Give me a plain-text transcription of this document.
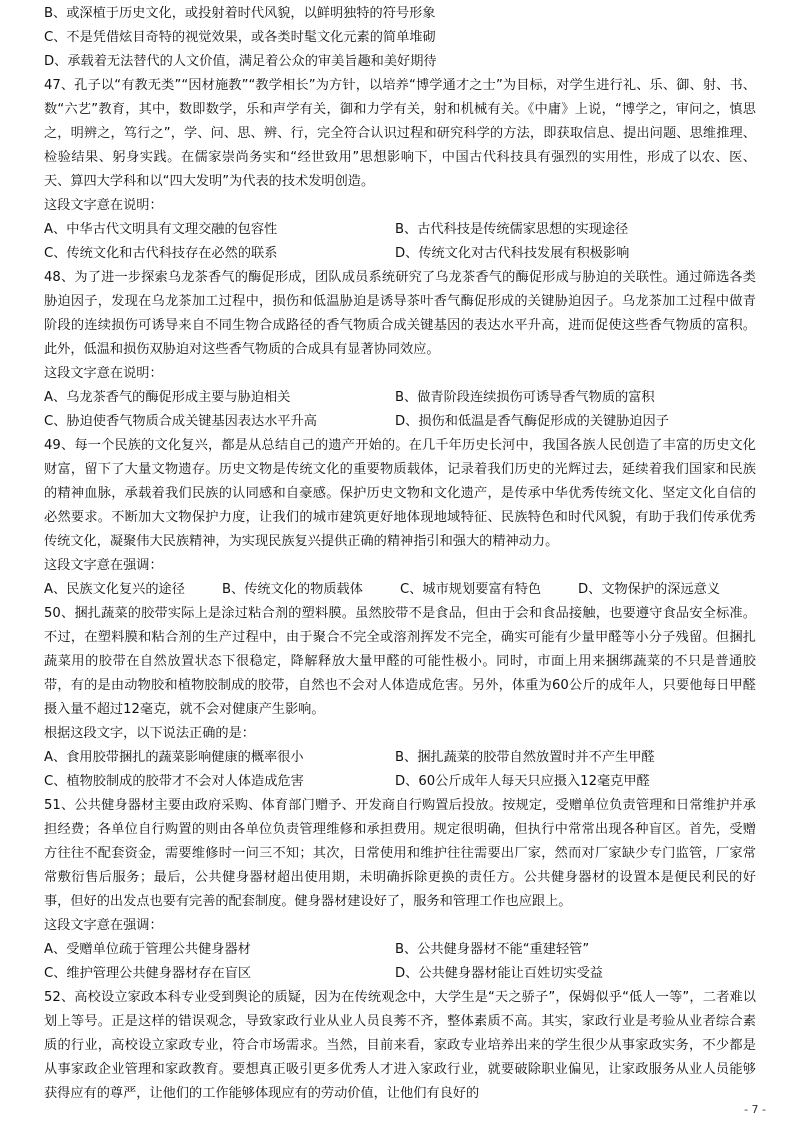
B、或深植于历史文化，或投射着时代风貌，以鲜明独特的符号形象

C、不是凭借炫目奇特的视觉效果，或各类时髦文化元素的简单堆砌

D、承载着无法替代的人文价值，满足着公众的审美旨趣和美好期待

47、孔子以“有教无类”“因材施教”“教学相长”为方针，以培养“博学通才之士”为目标，对学生进行礼、乐、御、射、书、数“六艺”教育，其中，数即数学，乐和声学有关，御和力学有关，射和机械有关。《中庸》上说，“博学之，审问之，慎思之，明辨之，笃行之”，学、问、思、辨、行，完全符合认识过程和研究科学的方法，即获取信息、提出问题、思维推理、检验结果、躬身实践。在儒家崇尚务实和“经世致用”思想影响下，中国古代科技具有强烈的实用性，形成了以农、医、天、算四大学科和以“四大发明”为代表的技术发明创造。

这段文字意在说明：

A、中华古代文明具有文理交融的包容性	B、古代科技是传统儒家思想的实现途径

C、传统文化和古代科技存在必然的联系	D、传统文化对古代科技发展有积极影响

48、为了进一步探索乌龙茶香气的酶促形成，团队成员系统研究了乌龙茶香气的酶促形成与胁迫的关联性。通过筛选各类胁迫因子，发现在乌龙茶加工过程中，损伤和低温胁迫是诱导茶叶香气酶促形成的关键胁迫因子。乌龙茶加工过程中做青阶段的连续损伤可诱导来自不同生物合成路径的香气物质合成关键基因的表达水平升高，进而促使这些香气物质的富积。此外，低温和损伤双胁迫对这些香气物质的合成具有显著协同效应。

这段文字意在说明：

A、乌龙茶香气的酶促形成主要与胁迫相关	B、做青阶段连续损伤可诱导香气物质的富积

C、胁迫使香气物质合成关键基因表达水平升高	D、损伤和低温是香气酶促形成的关键胁迫因子

49、每一个民族的文化复兴，都是从总结自己的遗产开始的。在几千年历史长河中，我国各族人民创造了丰富的历史文化财富，留下了大量文物遗存。历史文物是传统文化的重要物质载体，记录着我们历史的光辉过去，延续着我们国家和民族的精神血脉，承载着我们民族的认同感和自豪感。保护历史文物和文化遗产，是传承中华优秀传统文化、坚定文化自信的必然要求。不断加大文物保护力度，让我们的城市建筑更好地体现地域特征、民族特色和时代风貌，有助于我们传承优秀传统文化，凝聚伟大民族精神，为实现民族复兴提供正确的精神指引和强大的精神动力。

这段文字意在强调：

A、民族文化复兴的途径	B、传统文化的物质载体	C、城市规划要富有特色	D、文物保护的深远意义

50、捆扎蔬菜的胶带实际上是涂过粘合剂的塑料膜。虽然胶带不是食品，但由于会和食品接触，也要遵守食品安全标准。不过，在塑料膜和粘合剂的生产过程中，由于聚合不完全或溶剂挥发不完全，确实可能有少量甲醛等小分子残留。但捆扎蔬菜用的胶带在自然放置状态下很稳定，降解释放大量甲醛的可能性极小。同时，市面上用来捆绑蔬菜的不只是普通胶带，有的是由动物胶和植物胶制成的胶带，自然也不会对人体造成危害。另外，体重为60公斤的成年人，只要他每日甲醛摄入量不超过12毫克，就不会对健康产生影响。

根据这段文字，以下说法正确的是：

A、食用胶带捆扎的蔬菜影响健康的概率很小	B、捆扎蔬菜的胶带自然放置时并不产生甲醛

C、植物胶制成的胶带才不会对人体造成危害	D、60公斤成年人每天只应摄入12毫克甲醛

51、公共健身器材主要由政府采购、体育部门赠予、开发商自行购置后投放。按规定，受赠单位负责管理和日常维护并承担经费；各单位自行购置的则由各单位负责管理维修和承担费用。规定很明确，但执行中常常出现各种盲区。首先，受赠方往往不配套资金，需要维修时一问三不知；其次，日常使用和维护往往需要出厂家，然而对厂家缺少专门监管，厂家常常敷衍售后服务；最后，公共健身器材超出使用期，未明确拆除更换的责任方。公共健身器材的设置本是便民利民的好事，但好的出发点也要有完善的配套制度。健身器材建设好了，服务和管理工作也应跟上。

这段文字意在强调：

A、受赠单位疏于管理公共健身器材	B、公共健身器材不能“重建轻管”

C、维护管理公共健身器材存在盲区	D、公共健身器材能让百姓切实受益

52、高校设立家政本科专业受到舆论的质疑，因为在传统观念中，大学生是“天之骄子”，保姆似乎“低人一等”，二者难以划上等号。正是这样的错误观念，导致家政行业从业人员良莠不齐，整体素质不高。其实，家政行业是考验从业者综合素质的行业，高校设立家政专业，符合市场需求。当然，目前来看，家政专业培养出来的学生很少从事家政实务，不少都是从事家政企业管理和家政教育。要想真正吸引更多优秀人才进入家政行业，就要破除职业偏见，让家政服务从业人员能够获得应有的尊严，让他们的工作能够体现应有的劳动价值，让他们有良好的

- 7 -
